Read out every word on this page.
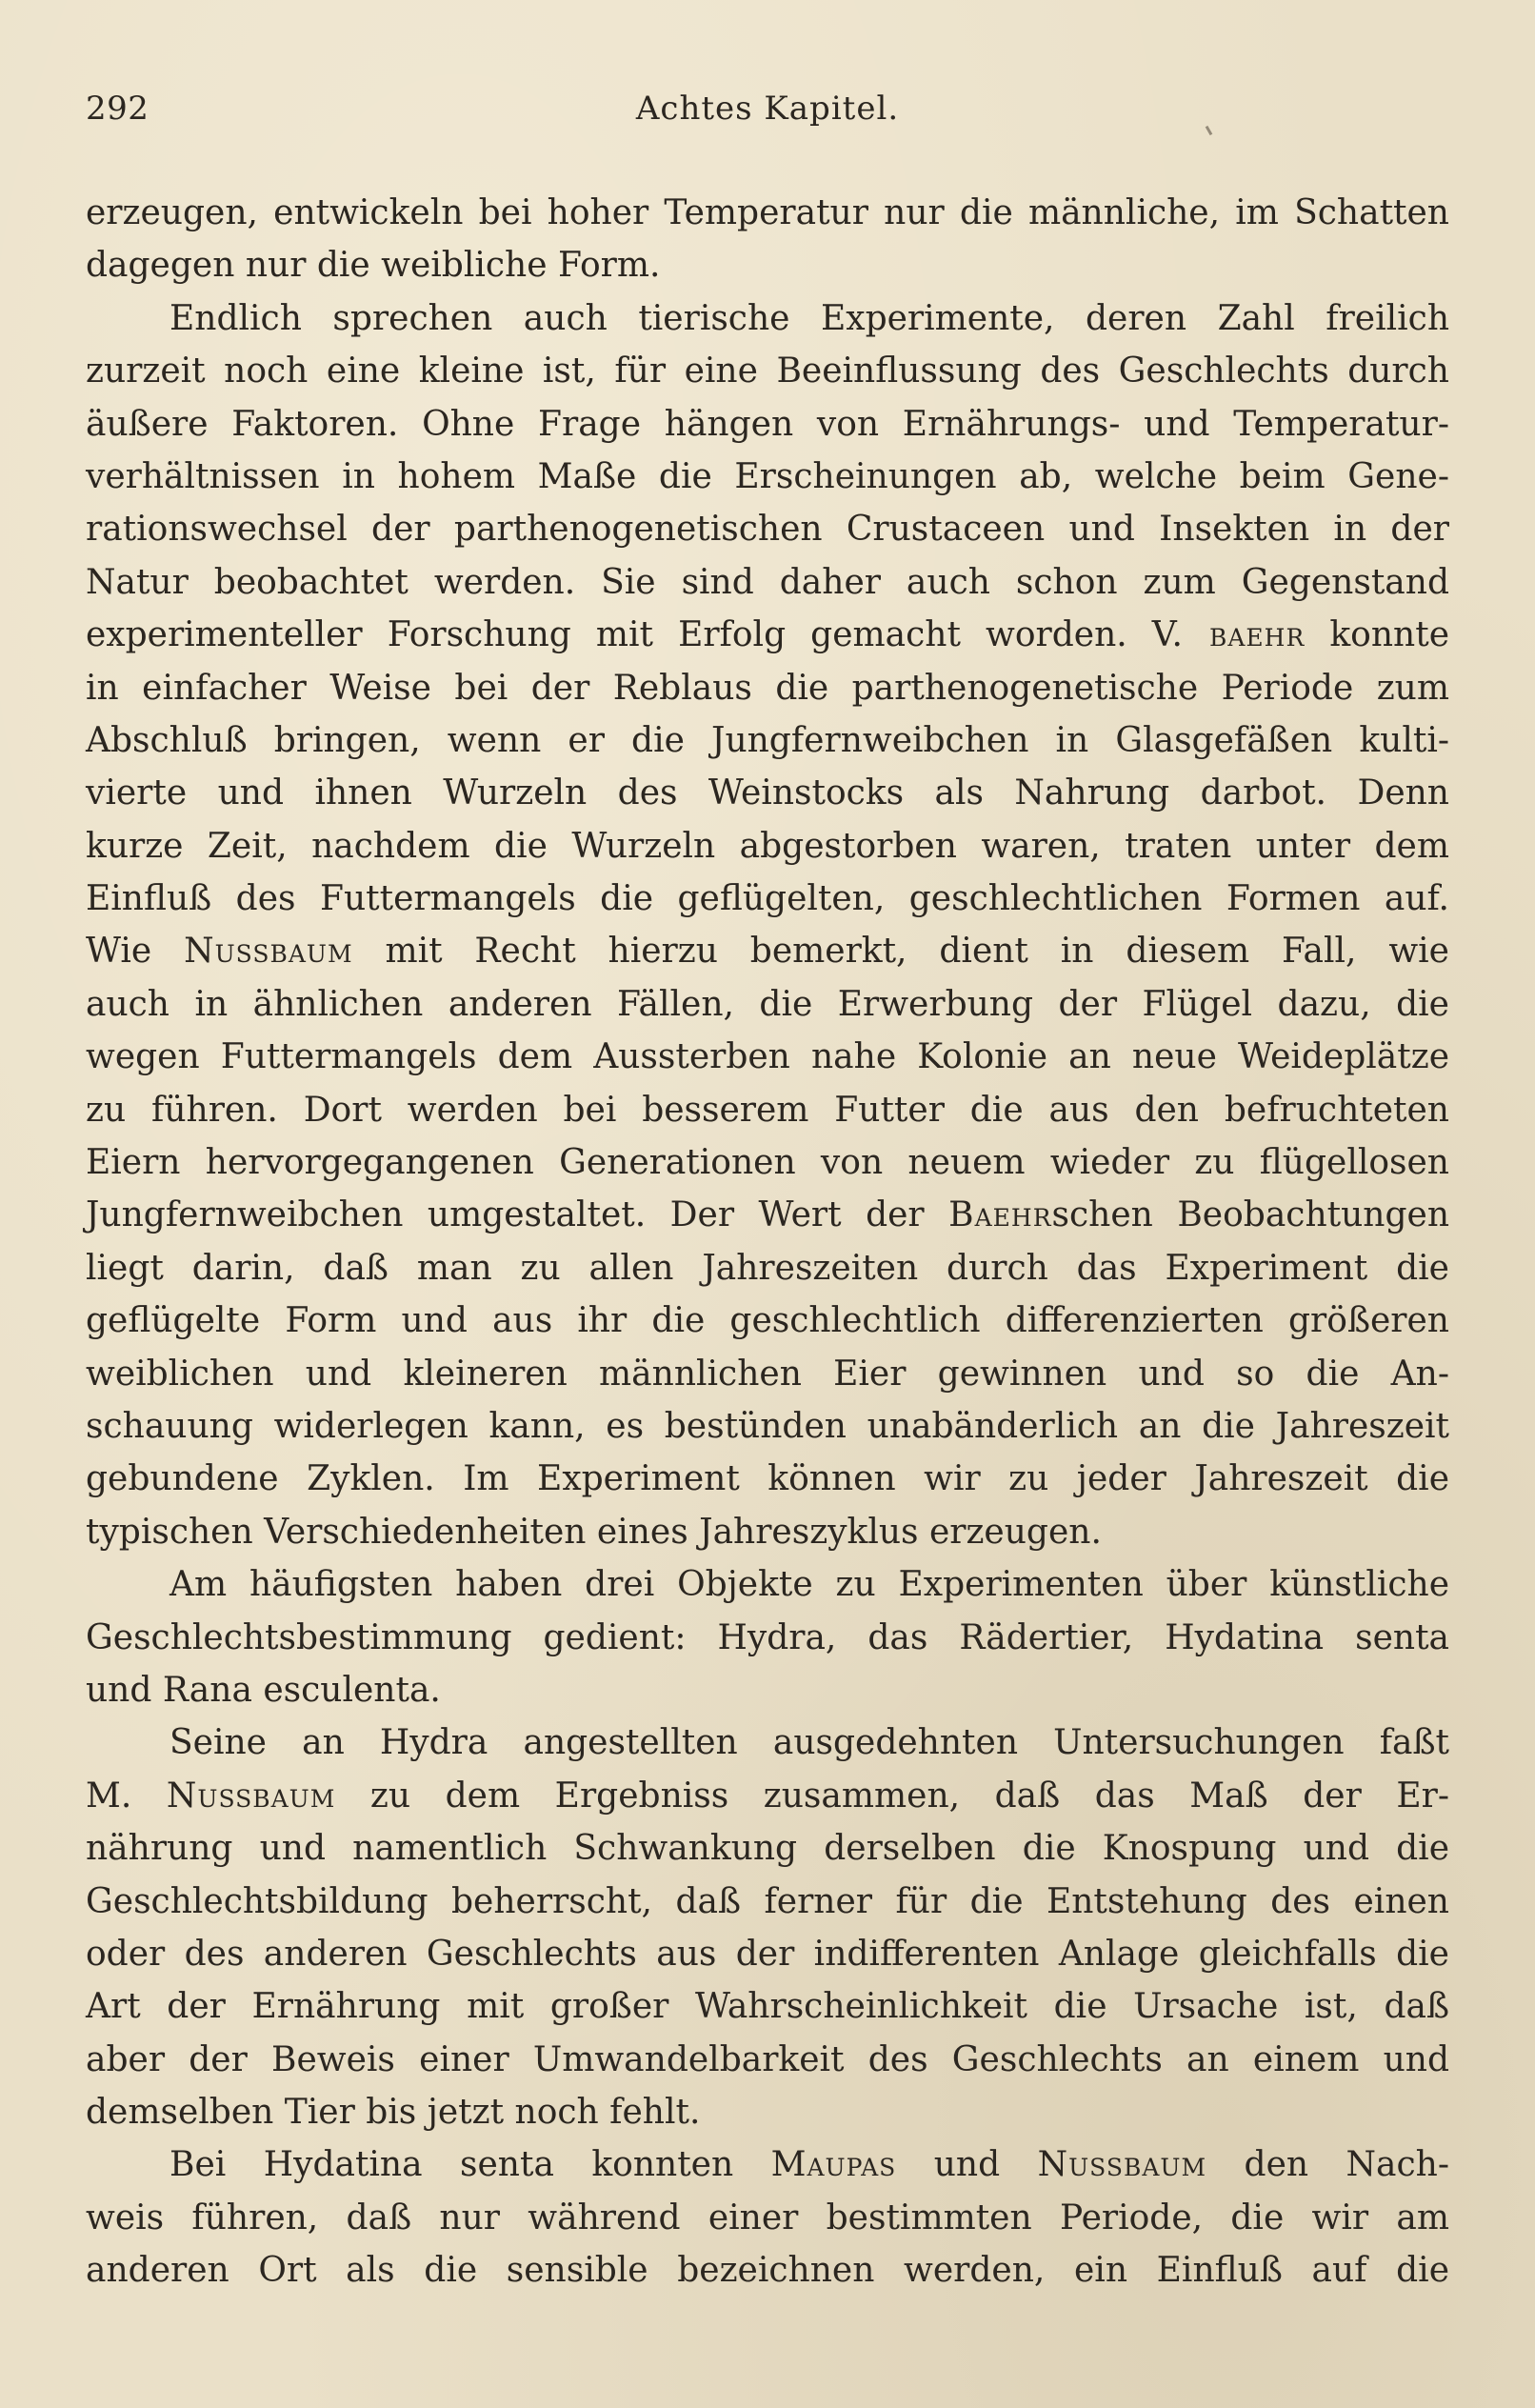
292	Achtes Kapitel.

erzeugen, entwickeln bei hoher Temperatur nur die männliche, im Schatten
dagegen nur die weibliche Form.

Endlich sprechen auch tierische Experimente, deren Zahl freilich
zurzeit noch eine kleine ist, für eine Beeinflussung des Geschlechts durch
äußere Faktoren. Ohne Frage hängen von Ernährungs- und Temperatur-
verhältnissen in hohem Maße die Erscheinungen ab, welche beim Gene-
rationswechsel der parthenogenetischen Crustaceen und Insekten in der
Natur beobachtet werden. Sie sind daher auch schon zum Gegenstand
experimenteller Forschung mit Erfolg gemacht worden. V. baehr konnte
in einfacher Weise bei der Reblaus die parthenogenetische Periode zum
Abschluß bringen, wenn er die Jungfernweibchen in Glasgefäßen kulti-
vierte und ihnen Wurzeln des Weinstocks als Nahrung darbot. Denn
kurze Zeit, nachdem die Wurzeln abgestorben waren, traten unter dem
Einfluß des Futtermangels die geflügelten, geschlechtlichen Formen auf.
Wie Nussbaum mit Recht hierzu bemerkt, dient in diesem Fall, wie
auch in ähnlichen anderen Fällen, die Erwerbung der Flügel dazu, die
wegen Futtermangels dem Aussterben nahe Kolonie an neue Weideplätze
zu führen. Dort werden bei besserem Futter die aus den befruchteten
Eiern hervorgegangenen Generationen von neuem wieder zu flügellosen
Jungfernweibchen umgestaltet. Der Wert der Baehrschen Beobachtungen
liegt darin, daß man zu allen Jahreszeiten durch das Experiment die
geflügelte Form und aus ihr die geschlechtlich differenzierten größeren
weiblichen und kleineren männlichen Eier gewinnen und so die An-
schauung widerlegen kann, es bestünden unabänderlich an die Jahreszeit
gebundene Zyklen. Im Experiment können wir zu jeder Jahreszeit die
typischen Verschiedenheiten eines Jahreszyklus erzeugen.

Am häufigsten haben drei Objekte zu Experimenten über künstliche
Geschlechtsbestimmung gedient: Hydra, das Rädertier, Hydatina senta
und Rana esculenta.

Seine an Hydra angestellten ausgedehnten Untersuchungen faßt
M. Nussbaum zu dem Ergebniss zusammen, daß das Maß der Er-
nährung und namentlich Schwankung derselben die Knospung und die
Geschlechtsbildung beherrscht, daß ferner für die Entstehung des einen
oder des anderen Geschlechts aus der indifferenten Anlage gleichfalls die
Art der Ernährung mit großer Wahrscheinlichkeit die Ursache ist, daß
aber der Beweis einer Umwandelbarkeit des Geschlechts an einem und
demselben Tier bis jetzt noch fehlt.

Bei Hydatina senta konnten Maupas und Nussbaum den Nach-
weis führen, daß nur während einer bestimmten Periode, die wir am
anderen Ort als die sensible bezeichnen werden, ein Einfluß auf die
